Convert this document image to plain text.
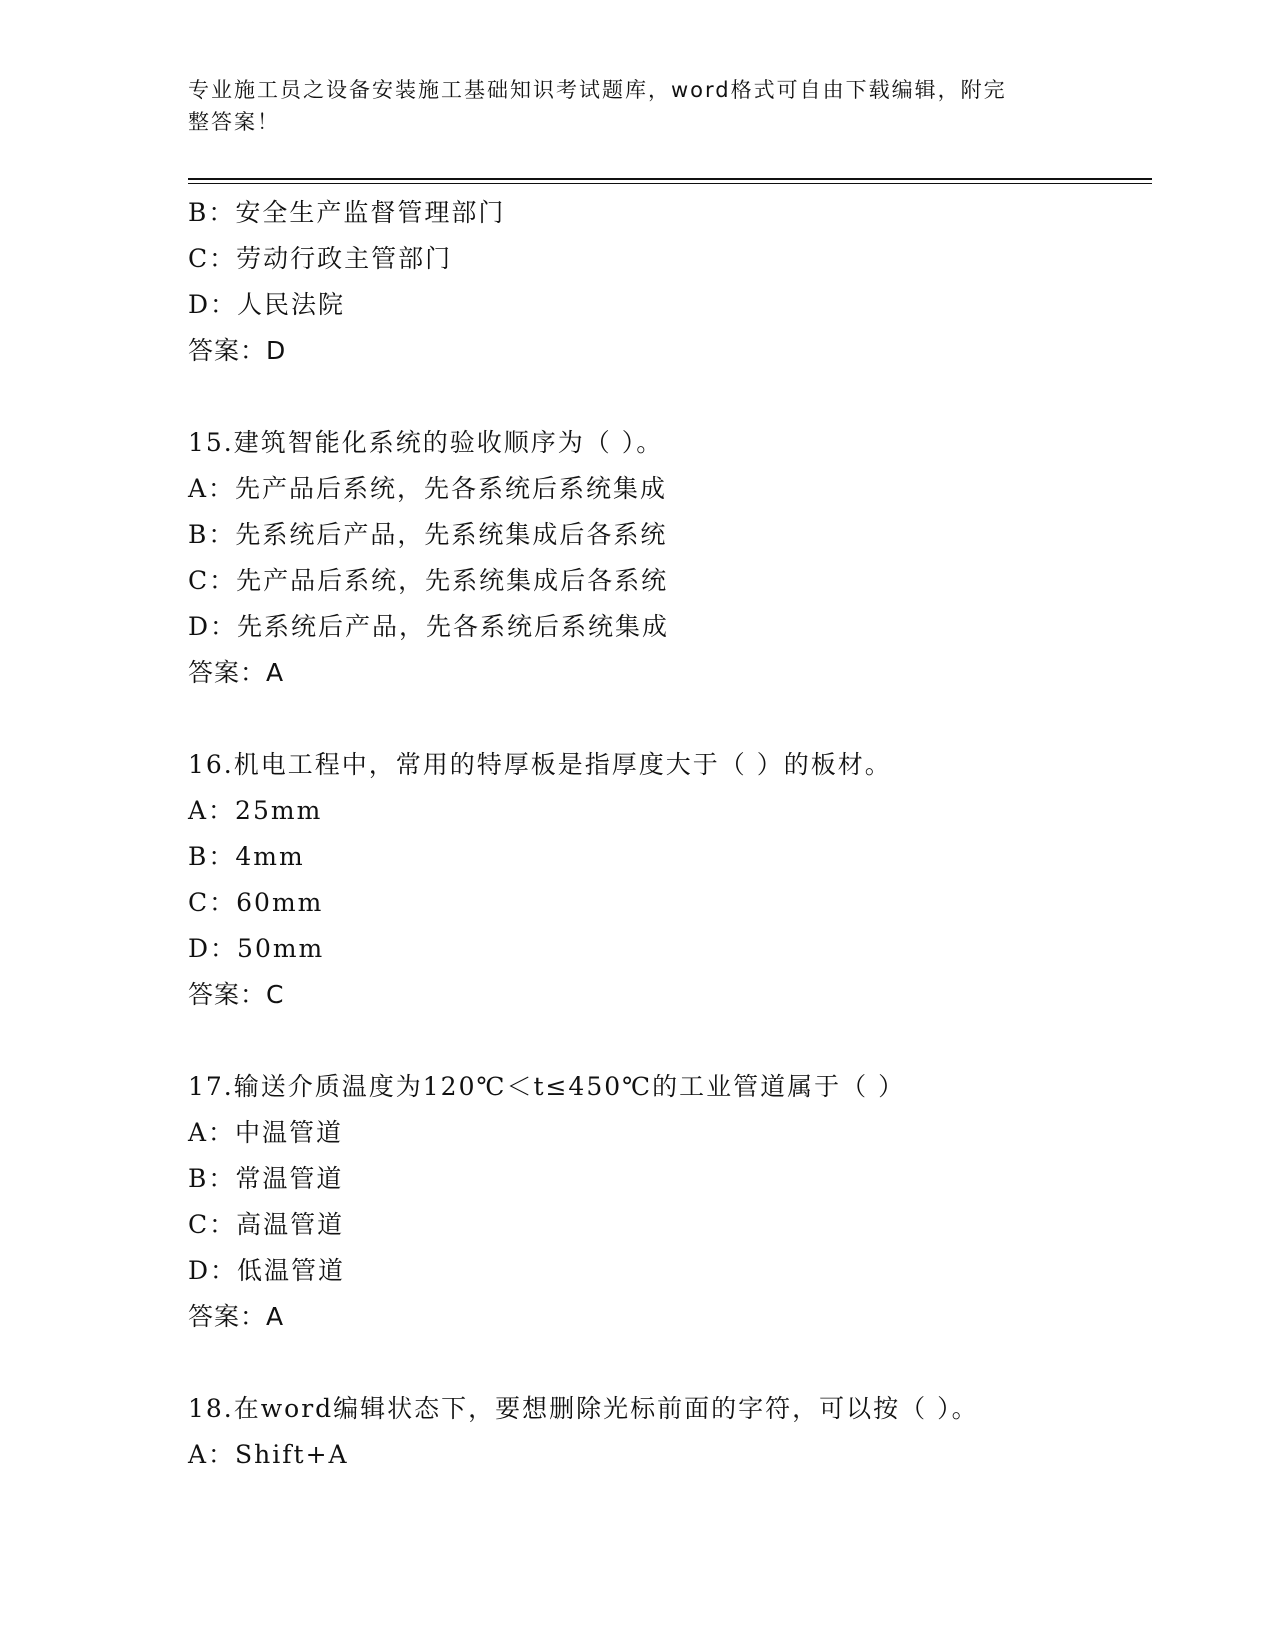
专业施工员之设备安装施工基础知识考试题库，word格式可自由下载编辑，附完
整答案！
B：安全生产监督管理部门
C：劳动行政主管部门
D：人民法院
答案：D
15.建筑智能化系统的验收顺序为（ ）。
A：先产品后系统，先各系统后系统集成
B：先系统后产品，先系统集成后各系统
C：先产品后系统，先系统集成后各系统
D：先系统后产品，先各系统后系统集成
答案：A
16.机电工程中，常用的特厚板是指厚度大于（ ）的板材。
A：25mm
B：4mm
C：60mm
D：50mm
答案：C
17.输送介质温度为120℃＜t≤450℃的工业管道属于（ ）
A：中温管道
B：常温管道
C：高温管道
D：低温管道
答案：A
18.在word编辑状态下，要想删除光标前面的字符，可以按（ ）。
A：Shift+A
